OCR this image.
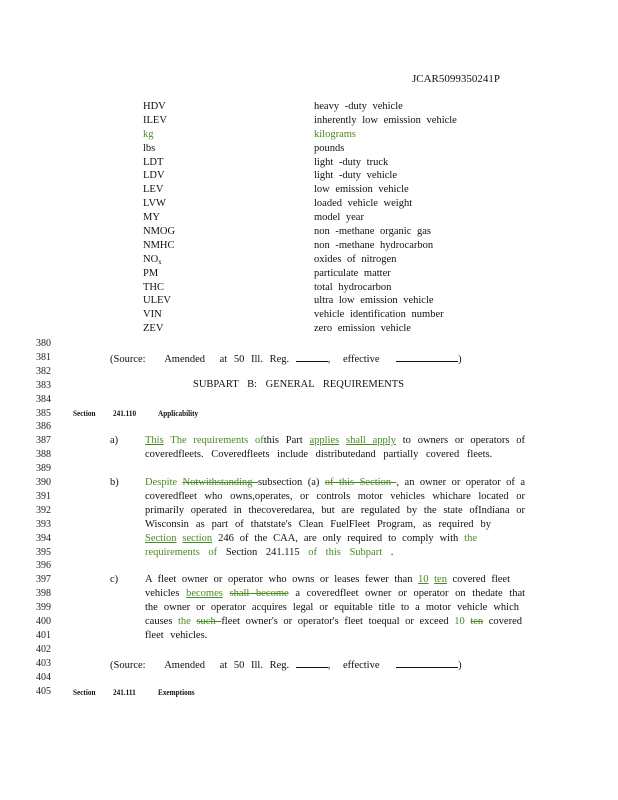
JCAR5099350241P
HDV	heavy -duty vehicle
ILEV	inherently low emission vehicle
kg	kilograms
lbs	pounds
LDT	light -duty truck
LDV	light -duty vehicle
LEV	low emission vehicle
LVW	loaded vehicle weight
MY	model year
NMOG	non -methane organic gas
NMHC	non -methane hydrocarbon
$NO_x$	oxides of nitrogen
PM	particulate matter
THC	total hydrocarbon
ULEV	ultra low emission vehicle
VIN	vehicle identification number
ZEV	zero emission vehicle
380
381
382
383
384
385
386
387
388
389
390
391
392
393
394
395
396
397
398
399
400
401
402
403
404
405
(Source: Amended at 50 Ill. Reg.	, effective	)
SUBPART B: GENERAL REQUIREMENTS
Section 241.110	Applicability
a)	This The requirements ofthis Part applies shall apply to owners or operators of
coveredfleets. Coveredfleets include distributedand partially covered fleets.
b)	Despite Notwithstanding subsection (a) of this Section , an owner or operator of a
coveredfleet who owns,operates, or controls motor vehicles whichare located or
primarily operated in thecoveredarea, but are regulated by the state ofIndiana or
Wisconsin as part of thatstate's Clean FuelFleet Program, as required by
Section section 246 of the CAA, are only required to comply with the
requirements of Section 241.115 of this Subpart .
c)	A fleet owner or operator who owns or leases fewer than 10 ten covered fleet
vehicles becomes shall become a coveredfleet owner or operator on thedate that
the owner or operator acquires legal or equitable title to a motor vehicle which
causes the such fleet owner's or operator's fleet toequal or exceed 10 ten covered
fleet vehicles.
(Source: Amended at 50 Ill. Reg.	, effective	)
Section 241.111	Exemptions
